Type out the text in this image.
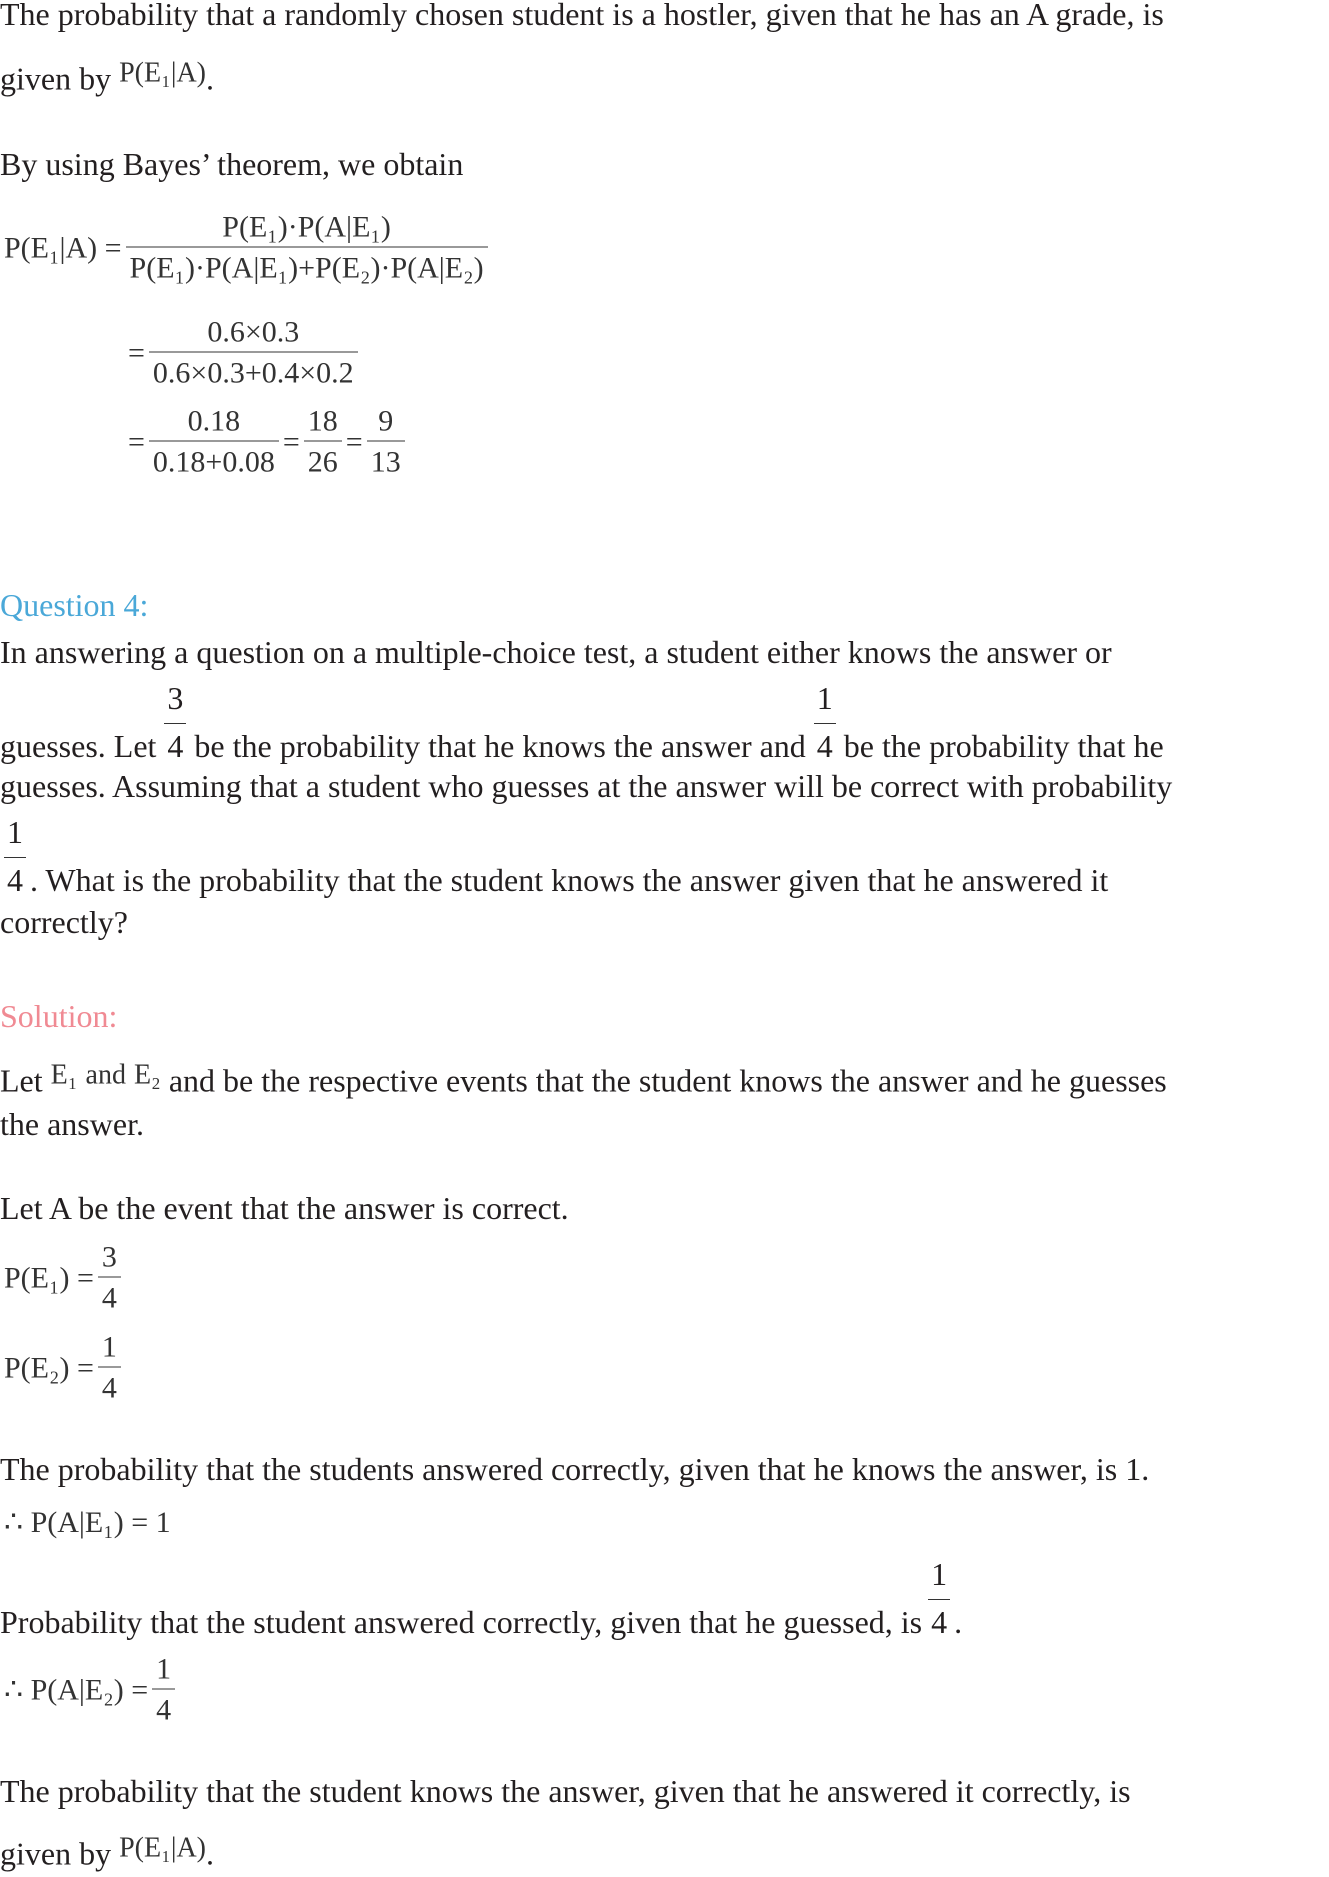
The probability that a randomly chosen student is a hostler, given that he has an A grade, is
given by P(E₁|A).
By using Bayes’ theorem, we obtain
$P(E_1|A) = \frac{\text{P(E₁)·P(A|E₁)}}{\text{P(E₁)·P(A|E₁)+P(E₂)·P(A|E₂)}}$
= $\frac{0.6\times 0.3}{0.6\times 0.3+0.4\times 0.2}$
= $\frac{0.18}{0.18+0.08} = \frac{18}{26} = \frac{9}{13}$
Question 4:
In answering a question on a multiple-choice test, a student either knows the answer or
guesses. Let
3
4 be the probability that he knows the answer and
1
4 be the probability that he
guesses. Assuming that a student who guesses at the answer will be correct with probability
1
4 . What is the probability that the student knows the answer given that he answered it
correctly?
Solution:
Let E₁ and E₂ and be the respective events that the student knows the answer and he guesses
the answer.
Let A be the event that the answer is correct.
$P(E_1) = \frac{3}{4}$
$P(E_2) = \frac{1}{4}$
The probability that the students answered correctly, given that he knows the answer, is 1.
∴ P(A|E₁) = 1
Probability that the student answered correctly, given that he guessed, is
1
4 .
∴ $P(A|E_2) = \frac{1}{4}$
The probability that the student knows the answer, given that he answered it correctly, is
given by P(E₁|A).
